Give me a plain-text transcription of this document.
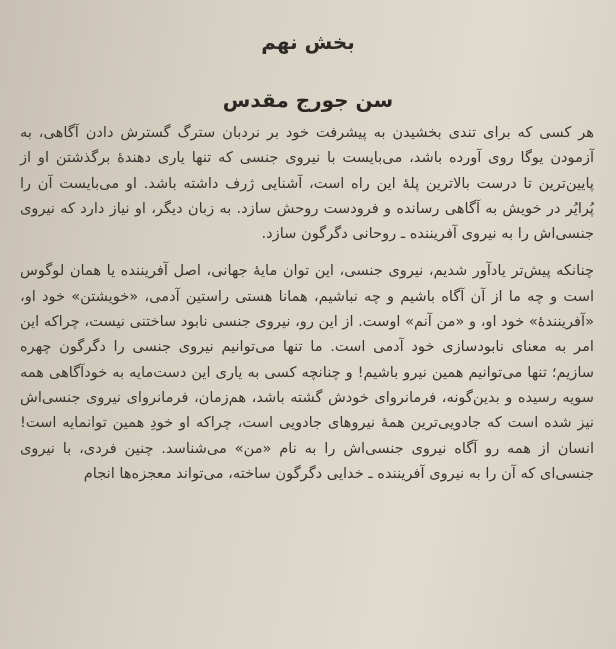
بخش نهم
سن جورج مقدس

هر کسی که برای تندی بخشیدن به پیشرفت خود بر نردبان سترگ گسترش دادن آگاهی، به آزمودن یوگا روی آورده باشد، می‌بایست با نیروی جنسی که تنها یاری دهندهٔ برگذشتن او از پایین‌ترین تا درست بالاترین پلهٔ این راه است، آشنایی ژرف داشته باشد. او می‌بایست آن را پُرایُر در خویش به آگاهی رسانده و فرودست روحش سازد. به زبان دیگر، او نیاز دارد که نیروی جنسی‌اش را به نیروی آفریننده ـ روحانی دگرگون سازد.

چنانکه پیش‌تر یادآور شدیم، نیروی جنسی، این توان مایهٔ جهانی، اصل آفریننده یا همان لوگوس است و چه ما از آن آگاه باشیم و چه نباشیم، همانا هستی راستین آدمی، «خویشتن» خود او، «آفرینندهٔ» خود او، و «من آنم» اوست. از این رو، نیروی جنسی نابود ساختنی نیست، چراکه این امر به معنای نابودسازی خود آدمی است. ما تنها می‌توانیم نیروی جنسی را دگرگون چهره سازیم؛ تنها می‌توانیم همین نیرو باشیم! و چنانچه کسی به یاری این دست‌مایه به خودآگاهی همه سویه رسیده و بدین‌گونه، فرمانروای خودش گشته باشد، هم‌زمان، فرمانروای نیروی جنسی‌اش نیز شده است که جادویی‌ترین همهٔ نیروهای جادویی است، چراکه او خودِ همین توانمایه است! انسان از همه رو آگاه نیروی جنسی‌اش را به نام «من» می‌شناسد. چنین فردی، با نیروی جنسی‌ای که آن را به نیروی آفریننده ـ خدایی دگرگون ساخته، می‌تواند معجزه‌ها انجام
